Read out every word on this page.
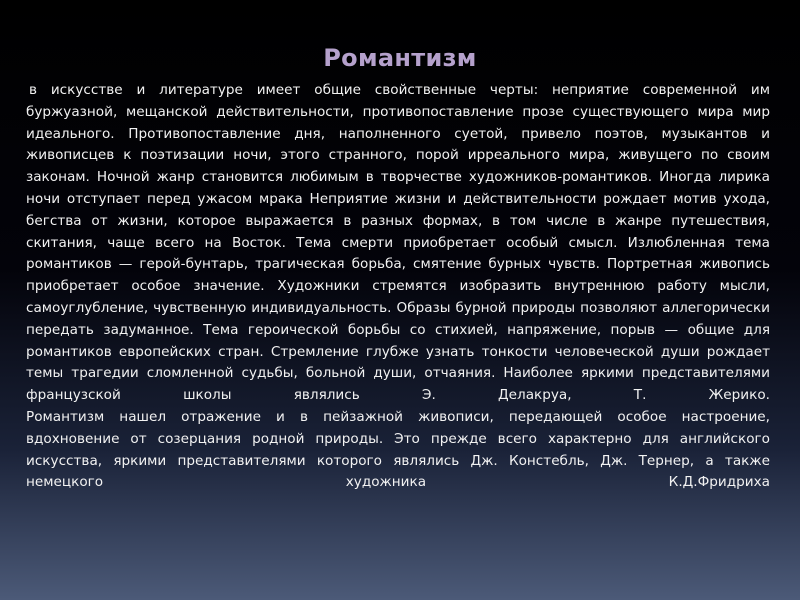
Романтизм

в искусстве и литературе имеет общие свойственные черты: неприятие современной им буржуазной, мещанской действительности, противопоставление прозе существующего мира мир идеального. Противопоставление дня, наполненного суетой, привело поэтов, музыкантов и живописцев к поэтизации ночи, этого странного, порой ирреального мира, живущего по своим законам. Ночной жанр становится любимым в творчестве художников-романтиков. Иногда лирика ночи отступает перед ужасом мрака Неприятие жизни и действительности рождает мотив ухода, бегства от жизни, которое выражается в разных формах, в том числе в жанре путешествия, скитания, чаще всего на Восток. Тема смерти приобретает особый смысл. Излюбленная тема романтиков — герой-бунтарь, трагическая борьба, смятение бурных чувств. Портретная живопись приобретает особое значение. Художники стремятся изобразить внутреннюю работу мысли, самоуглубление, чувственную индивидуальность. Образы бурной природы позволяют аллегорически передать задуманное. Тема героической борьбы со стихией, напряжение, порыв — общие для романтиков европейских стран. Стремление глубже узнать тонкости человеческой души рождает темы трагедии сломленной судьбы, больной души, отчаяния. Наиболее яркими представителями французской школы являлись Э. Делакруа, Т. Жерико.

Романтизм нашел отражение и в пейзажной живописи, передающей особое настроение, вдохновение от созерцания родной природы. Это прежде всего характерно для английского искусства, яркими представителями которого являлись Дж. Констебль, Дж. Тернер, а также немецкого художника К.Д.Фридриха
